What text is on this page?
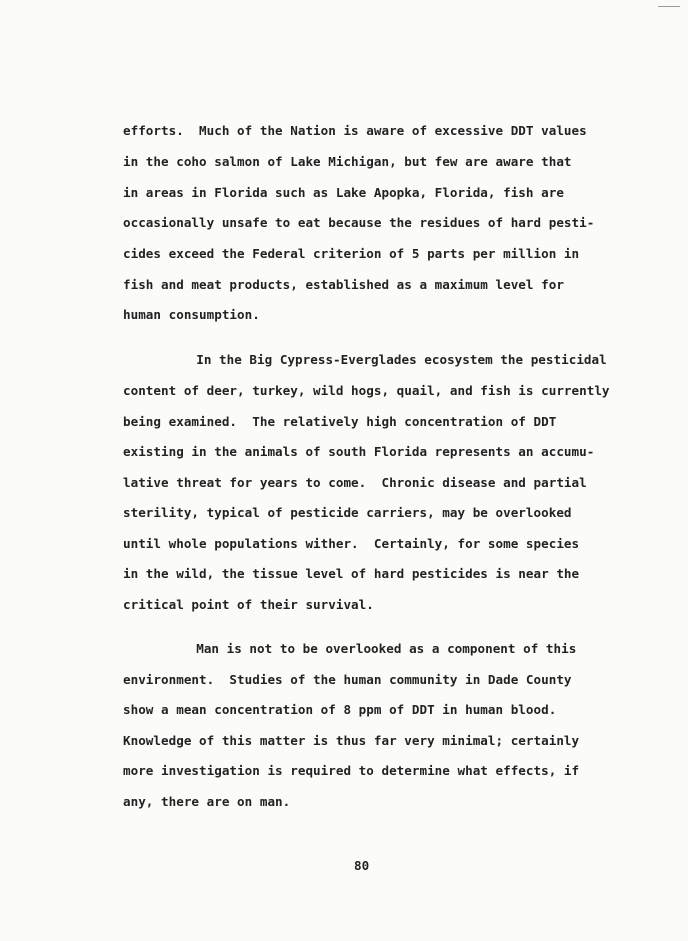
efforts.  Much of the Nation is aware of excessive DDT values
in the coho salmon of Lake Michigan, but few are aware that
in areas in Florida such as Lake Apopka, Florida, fish are
occasionally unsafe to eat because the residues of hard pesti-
cides exceed the Federal criterion of 5 parts per million in
fish and meat products, established as a maximum level for
human consumption.
In the Big Cypress-Everglades ecosystem the pesticidal
content of deer, turkey, wild hogs, quail, and fish is currently
being examined.  The relatively high concentration of DDT
existing in the animals of south Florida represents an accumu-
lative threat for years to come.  Chronic disease and partial
sterility, typical of pesticide carriers, may be overlooked
until whole populations wither.  Certainly, for some species
in the wild, the tissue level of hard pesticides is near the
critical point of their survival.
Man is not to be overlooked as a component of this
environment.  Studies of the human community in Dade County
show a mean concentration of 8 ppm of DDT in human blood.
Knowledge of this matter is thus far very minimal; certainly
more investigation is required to determine what effects, if
any, there are on man.
80
